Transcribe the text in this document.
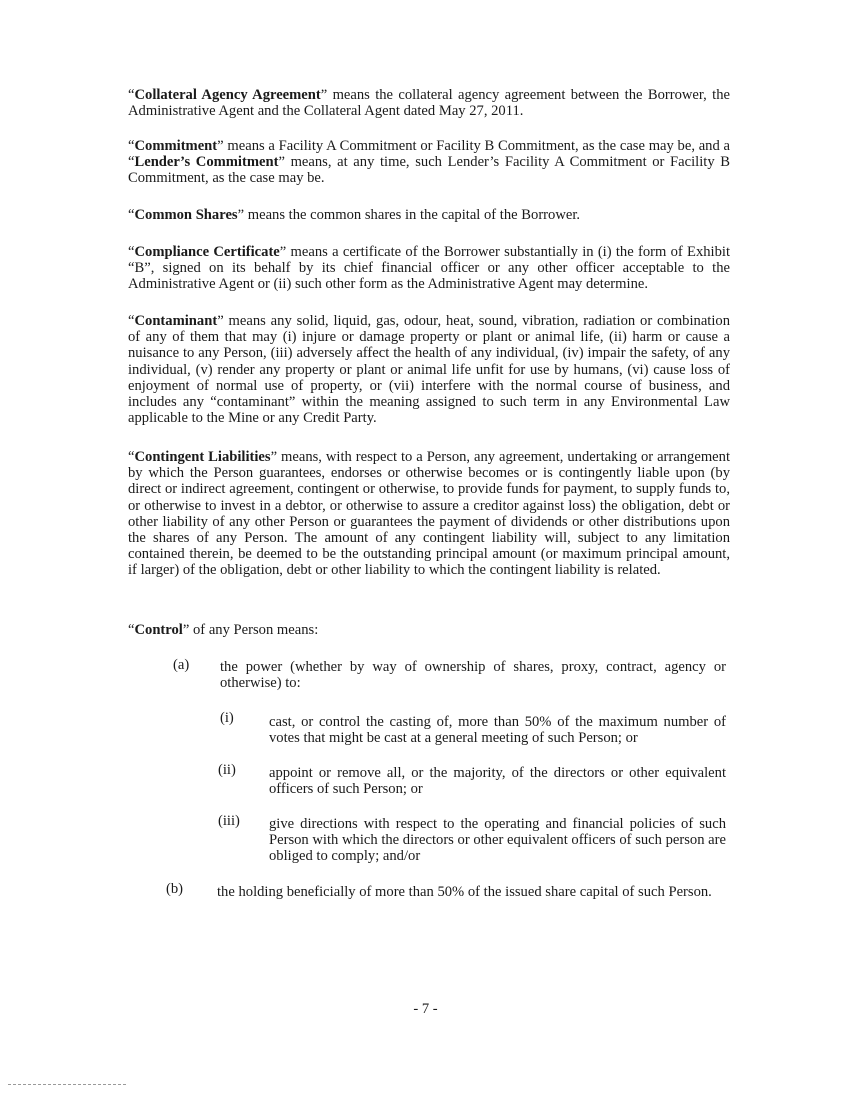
“Collateral Agency Agreement” means the collateral agency agreement between the Borrower, the Administrative Agent and the Collateral Agent dated May 27, 2011.
“Commitment” means a Facility A Commitment or Facility B Commitment, as the case may be, and a “Lender’s Commitment” means, at any time, such Lender’s Facility A Commitment or Facility B Commitment, as the case may be.
“Common Shares” means the common shares in the capital of the Borrower.
“Compliance Certificate” means a certificate of the Borrower substantially in (i) the form of Exhibit “B”, signed on its behalf by its chief financial officer or any other officer acceptable to the Administrative Agent or (ii) such other form as the Administrative Agent may determine.
“Contaminant” means any solid, liquid, gas, odour, heat, sound, vibration, radiation or combination of any of them that may (i) injure or damage property or plant or animal life, (ii) harm or cause a nuisance to any Person, (iii) adversely affect the health of any individual, (iv) impair the safety, of any individual, (v) render any property or plant or animal life unfit for use by humans, (vi) cause loss of enjoyment of normal use of property, or (vii) interfere with the normal course of business, and includes any “contaminant” within the meaning assigned to such term in any Environmental Law applicable to the Mine or any Credit Party.
“Contingent Liabilities” means, with respect to a Person, any agreement, undertaking or arrangement by which the Person guarantees, endorses or otherwise becomes or is contingently liable upon (by direct or indirect agreement, contingent or otherwise, to provide funds for payment, to supply funds to, or otherwise to invest in a debtor, or otherwise to assure a creditor against loss) the obligation, debt or other liability of any other Person or guarantees the payment of dividends or other distributions upon the shares of any Person. The amount of any contingent liability will, subject to any limitation contained therein, be deemed to be the outstanding principal amount (or maximum principal amount, if larger) of the obligation, debt or other liability to which the contingent liability is related.
“Control” of any Person means:
(a) the power (whether by way of ownership of shares, proxy, contract, agency or otherwise) to:
(i) cast, or control the casting of, more than 50% of the maximum number of votes that might be cast at a general meeting of such Person; or
(ii) appoint or remove all, or the majority, of the directors or other equivalent officers of such Person; or
(iii) give directions with respect to the operating and financial policies of such Person with which the directors or other equivalent officers of such person are obliged to comply; and/or
(b) the holding beneficially of more than 50% of the issued share capital of such Person.
- 7 -
